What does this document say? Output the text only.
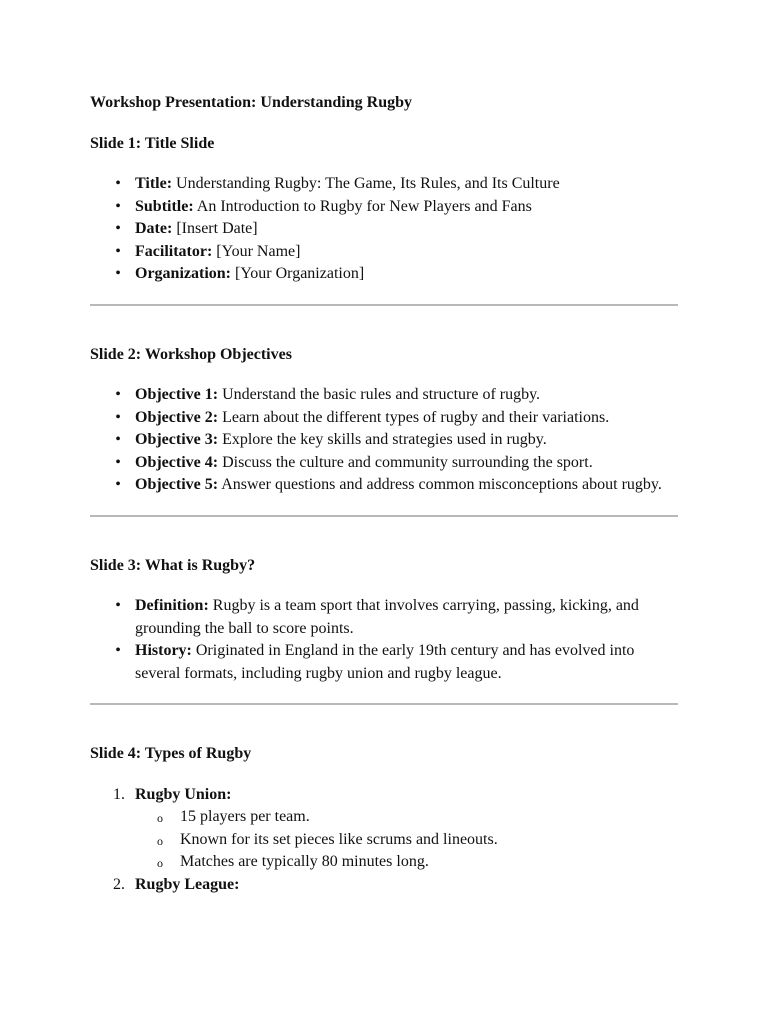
Workshop Presentation: Understanding Rugby
Slide 1: Title Slide
• Title: Understanding Rugby: The Game, Its Rules, and Its Culture
• Subtitle: An Introduction to Rugby for New Players and Fans
• Date: [Insert Date]
• Facilitator: [Your Name]
• Organization: [Your Organization]
Slide 2: Workshop Objectives
• Objective 1: Understand the basic rules and structure of rugby.
• Objective 2: Learn about the different types of rugby and their variations.
• Objective 3: Explore the key skills and strategies used in rugby.
• Objective 4: Discuss the culture and community surrounding the sport.
• Objective 5: Answer questions and address common misconceptions about rugby.
Slide 3: What is Rugby?
• Definition: Rugby is a team sport that involves carrying, passing, kicking, and grounding the ball to score points.
• History: Originated in England in the early 19th century and has evolved into several formats, including rugby union and rugby league.
Slide 4: Types of Rugby
1. Rugby Union:
o 15 players per team.
o Known for its set pieces like scrums and lineouts.
o Matches are typically 80 minutes long.
2. Rugby League:
